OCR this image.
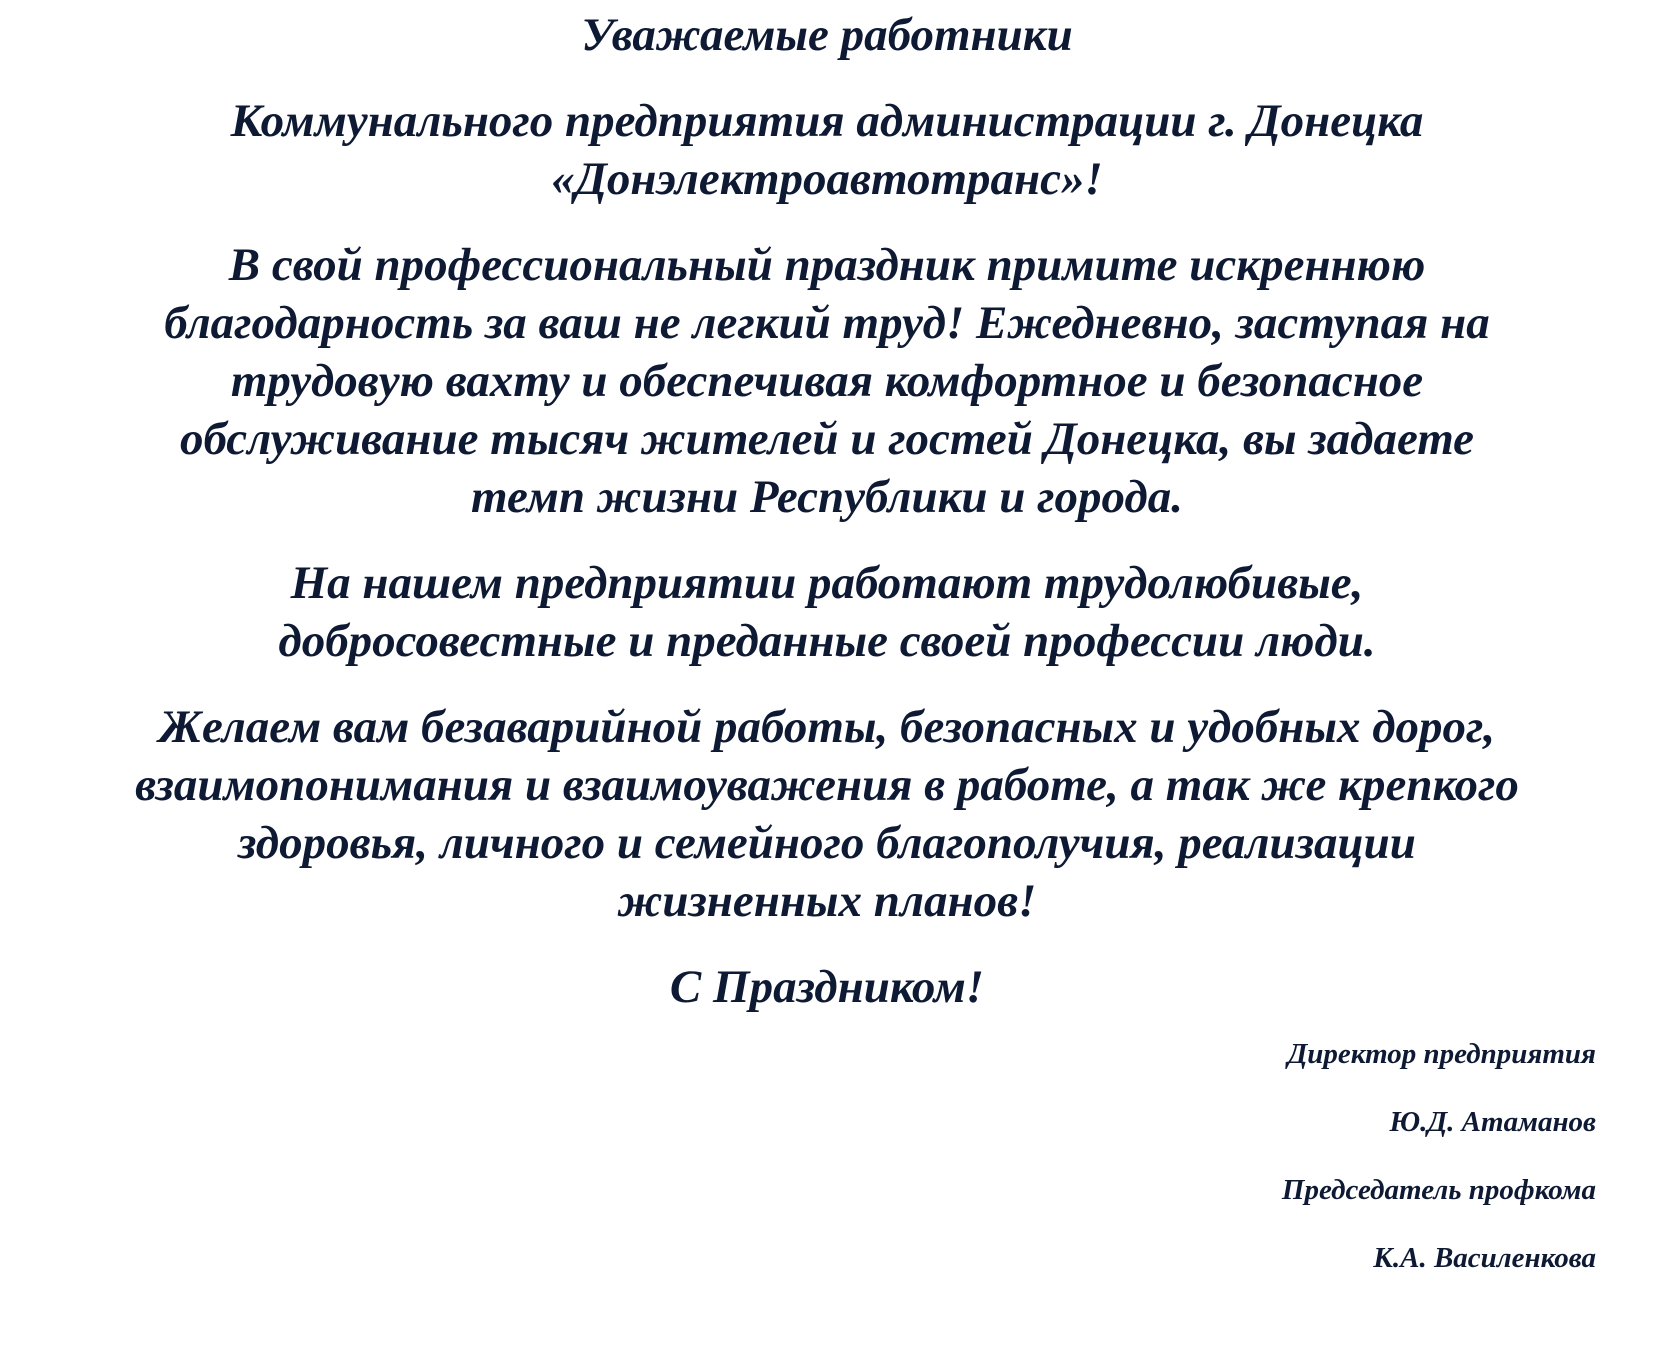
Уважаемые работники

Коммунального предприятия администрации г. Донецка
«Донэлектроавтотранс»!

В свой профессиональный праздник примите искреннюю
благодарность за ваш не легкий труд! Ежедневно, заступая на
трудовую вахту и обеспечивая комфортное и безопасное
обслуживание тысяч жителей и гостей Донецка, вы задаете
темп жизни Республики и города.

На нашем предприятии работают трудолюбивые,
добросовестные и преданные своей профессии люди.

Желаем вам безаварийной работы, безопасных и удобных дорог,
взаимопонимания и взаимоуважения в работе, а так же крепкого
здоровья, личного и семейного благополучия, реализации
жизненных планов!

С Праздником!

Директор предприятия

Ю.Д. Атаманов

Председатель профкома

К.А. Василенкова
